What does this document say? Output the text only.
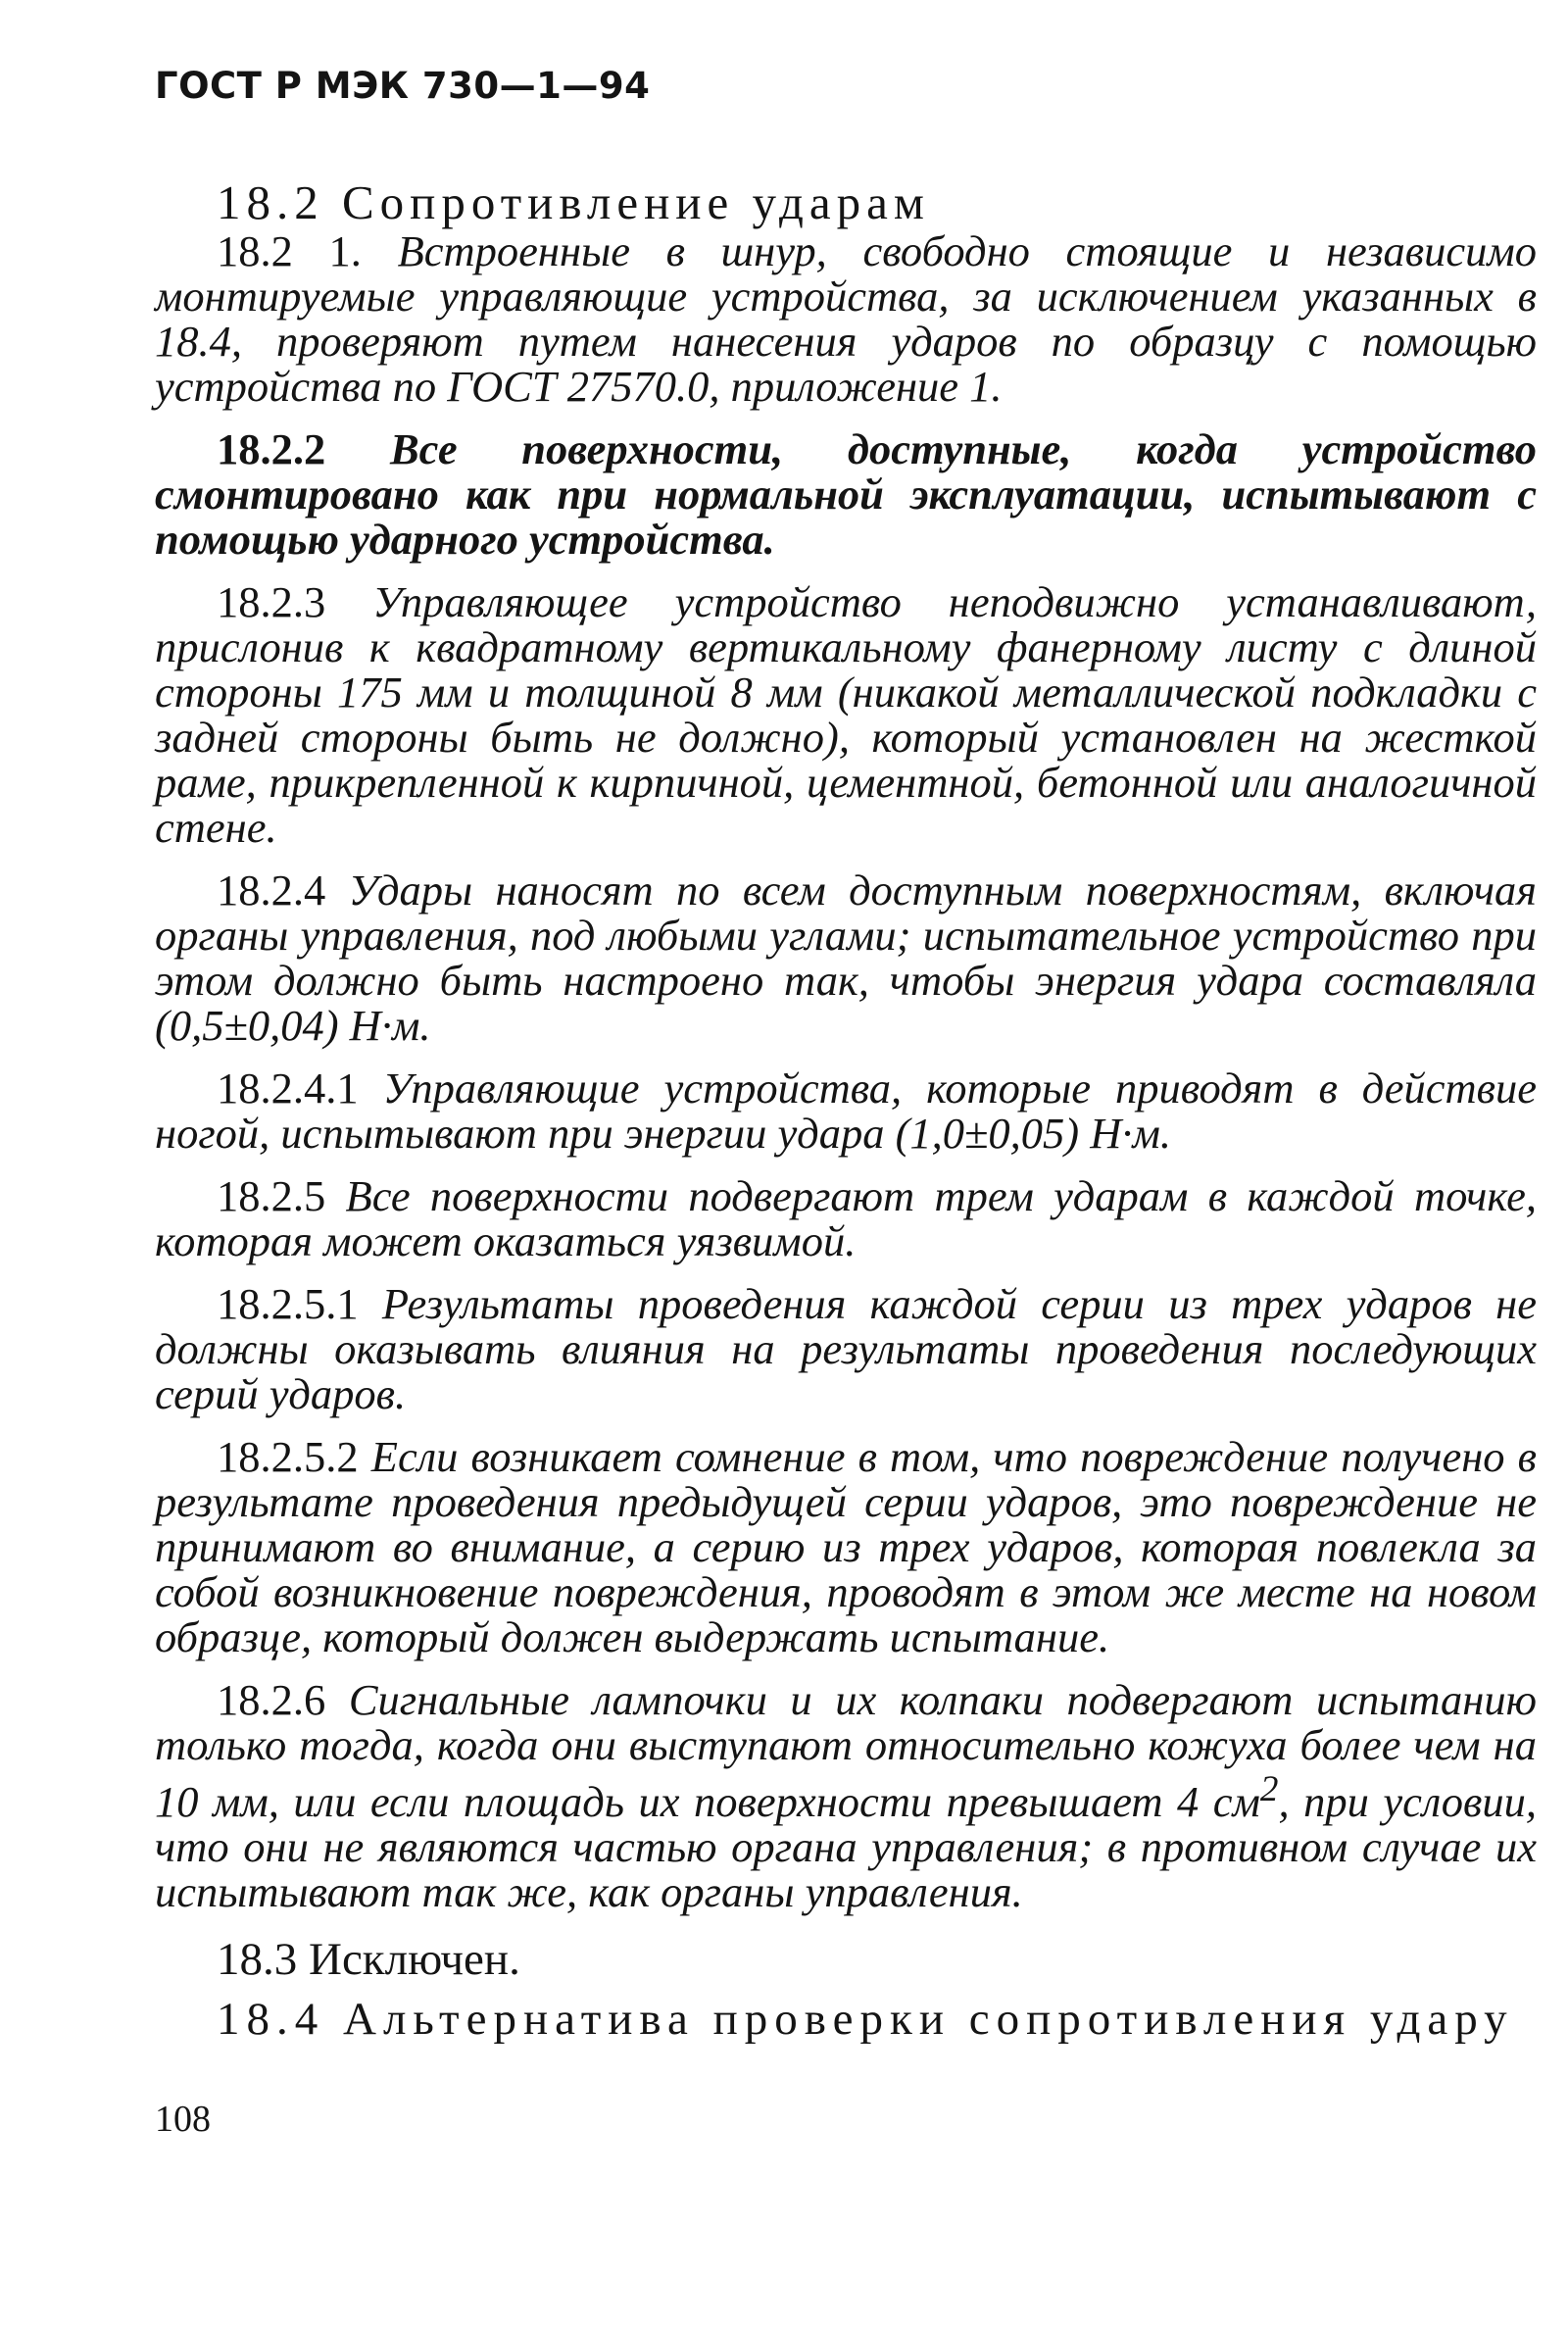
ГОСТ Р МЭК 730—1—94

18.2 Сопротивление ударам

18.2 1. Встроенные в шнур, свободно стоящие и независимо монтируемые управляющие устройства, за исключением указанных в 18.4, проверяют путем нанесения ударов по образцу с помощью устройства по ГОСТ 27570.0, приложение 1.

18.2.2 Все поверхности, доступные, когда устройство смонтировано как при нормальной эксплуатации, испытывают с помощью ударного устройства.

18.2.3 Управляющее устройство неподвижно устанавливают, прислонив к квадратному вертикальному фанерному листу с длиной стороны 175 мм и толщиной 8 мм (никакой металлической подкладки с задней стороны быть не должно), который установлен на жесткой раме, прикрепленной к кирпичной, цементной, бетонной или аналогичной стене.

18.2.4 Удары наносят по всем доступным поверхностям, включая органы управления, под любыми углами; испытательное устройство при этом должно быть настроено так, чтобы энергия удара составляла (0,5±0,04) Н·м.

18.2.4.1 Управляющие устройства, которые приводят в действие ногой, испытывают при энергии удара (1,0±0,05) Н·м.

18.2.5 Все поверхности подвергают трем ударам в каждой точке, которая может оказаться уязвимой.

18.2.5.1 Результаты проведения каждой серии из трех ударов не должны оказывать влияния на результаты проведения последующих серий ударов.

18.2.5.2 Если возникает сомнение в том, что повреждение получено в результате проведения предыдущей серии ударов, это повреждение не принимают во внимание, а серию из трех ударов, которая повлекла за собой возникновение повреждения, проводят в этом же месте на новом образце, который должен выдержать испытание.

18.2.6 Сигнальные лампочки и их колпаки подвергают испытанию только тогда, когда они выступают относительно кожуха более чем на 10 мм, или если площадь их поверхности превышает 4 $см^2$, при условии, что они не являются частью органа управления; в противном случае их испытывают так же, как органы управления.

18.3 Исключен.

18.4 Альтернатива проверки сопротивления удару

108
